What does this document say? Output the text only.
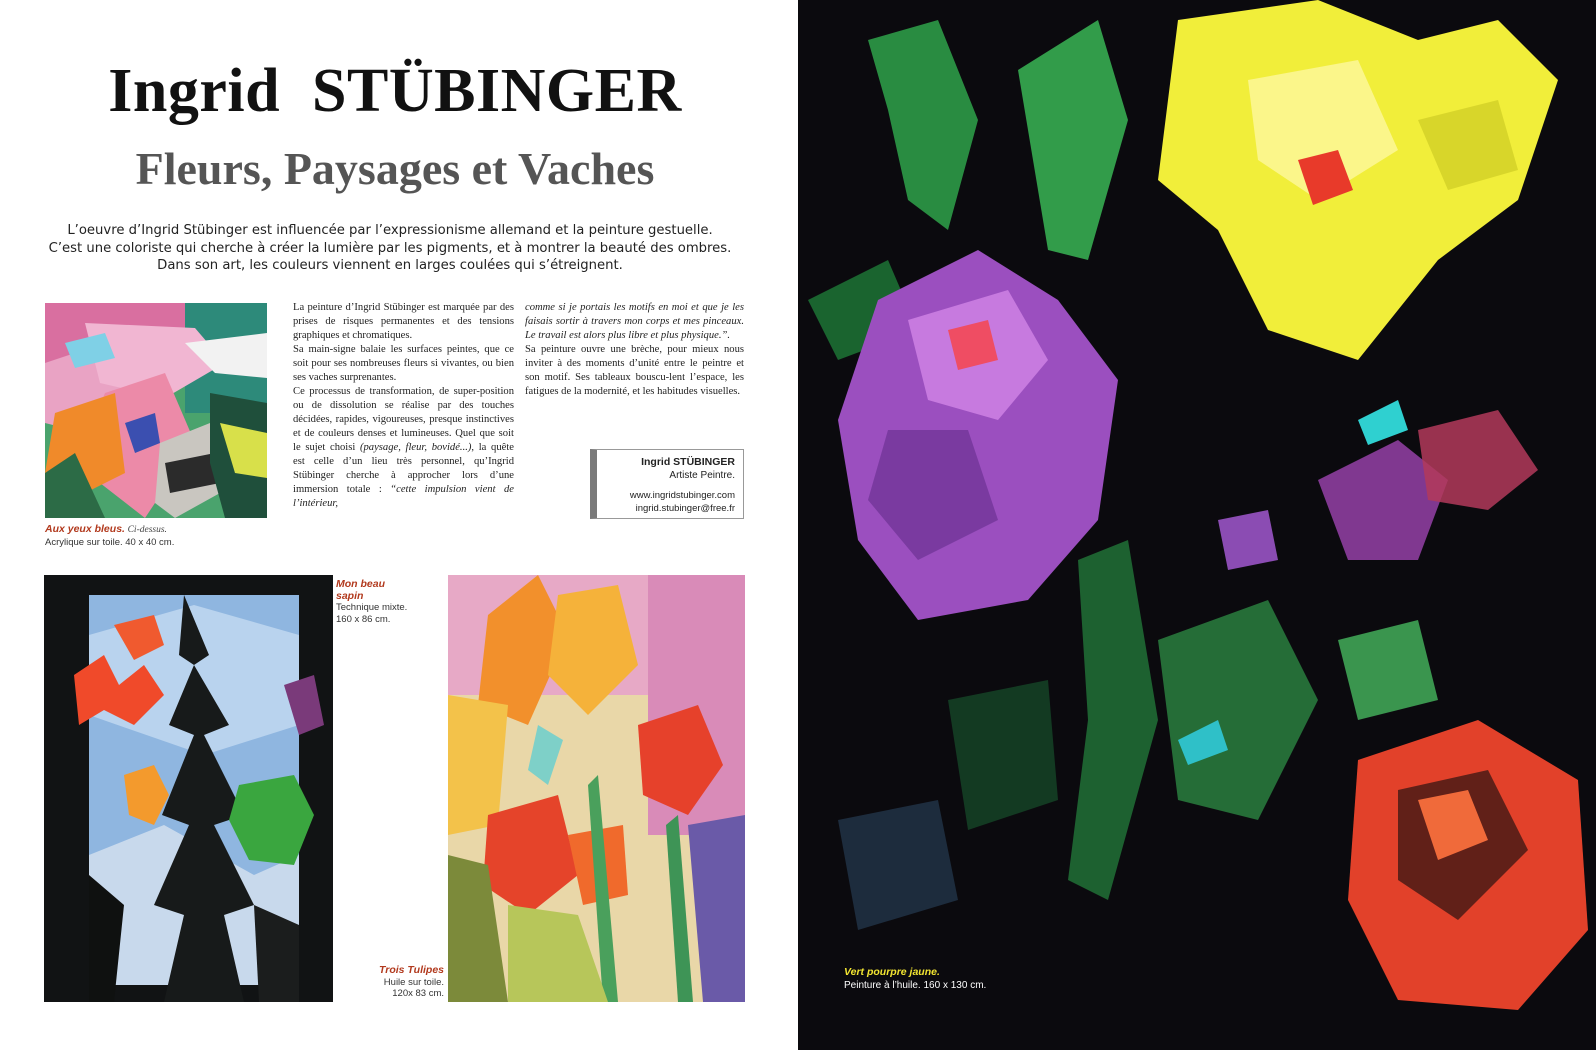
Ingrid  STÜBINGER
Fleurs, Paysages et Vaches

L’oeuvre d’Ingrid Stübinger est influencée par l’expressionisme allemand et la peinture gestuelle.

C’est une coloriste qui cherche à créer la lumière par les pigments, et à montrer la beauté des ombres.

Dans son art, les couleurs viennent en larges coulées qui s’étreignent.

Aux yeux bleus. Ci-dessus.
Acrylique sur toile. 40 x 40 cm.

La peinture d’Ingrid Stübinger est marquée par des prises de risques permanentes et des tensions graphiques et chromatiques.

Sa main-signe balaie les surfaces peintes, que ce soit pour ses nombreuses fleurs si vivantes, ou bien ses vaches surprenantes.

Ce processus de transformation, de super-position ou de dissolution se réalise par des touches décidées, rapides, vigoureuses, presque instinctives et de couleurs denses et lumineuses. Quel que soit le sujet choisi (paysage, fleur, bovidé...), la quête est celle d’un lieu très personnel, qu’Ingrid Stübinger cherche à approcher lors d’une immersion totale : “cette impulsion vient de l’intérieur,

comme si je portais les motifs en moi et que je les faisais sortir à travers mon corps et mes pinceaux. Le travail est alors plus libre et plus physique.”.

Sa peinture ouvre une brèche, pour mieux nous inviter à des moments d’unité entre le peintre et son motif. Ses tableaux bouscu-lent l’espace, les fatigues de la modernité, et les habitudes visuelles.

Ingrid STÜBINGER
Artiste Peintre.
www.ingridstubinger.com
ingrid.stubinger@free.fr
Mon beau
sapin
Technique mixte.
160 x 86 cm.
Trois Tulipes
Huile sur toile.
120x 83 cm.
Vert pourpre jaune.
Peinture à l’huile. 160 x 130 cm.
